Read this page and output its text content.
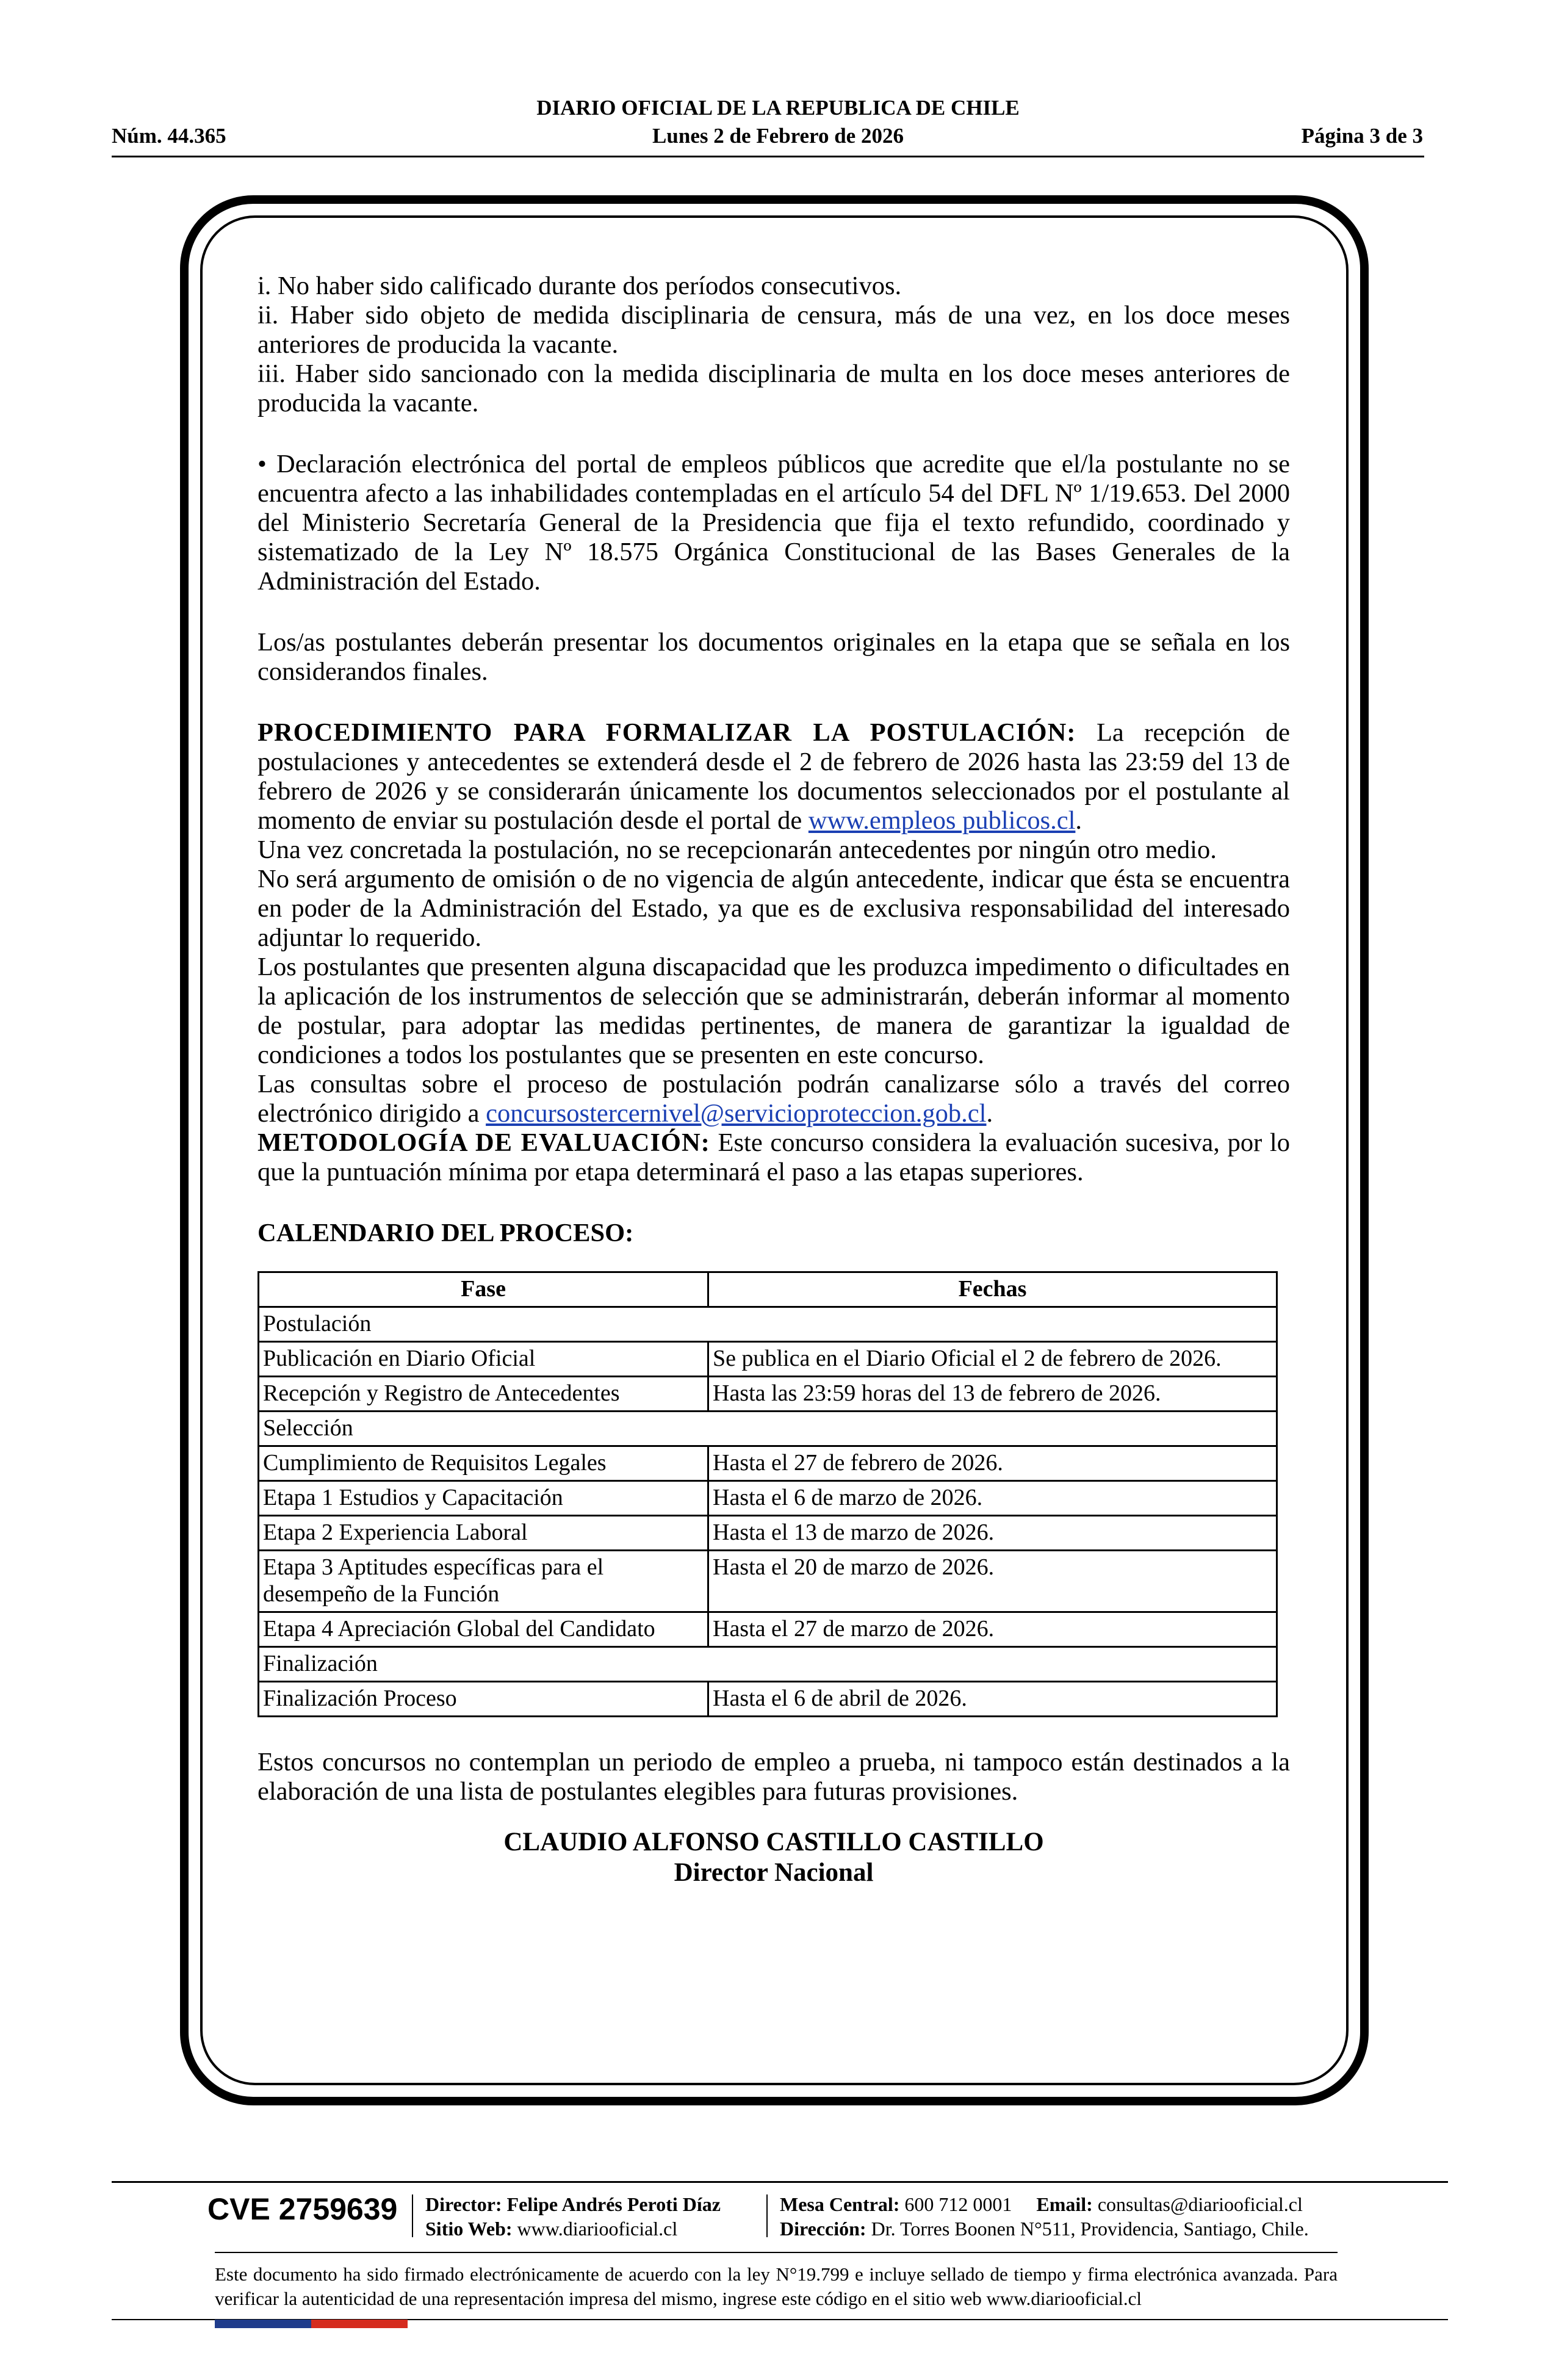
DIARIO OFICIAL DE LA REPUBLICA DE CHILE
Núm. 44.365	Lunes 2 de Febrero de 2026	Página 3 de 3

i. No haber sido calificado durante dos períodos consecutivos.

ii. Haber sido objeto de medida disciplinaria de censura, más de una vez, en los doce meses anteriores de producida la vacante.

iii. Haber sido sancionado con la medida disciplinaria de multa en los doce meses anteriores de producida la vacante.

• Declaración electrónica del portal de empleos públicos que acredite que el/la postulante no se encuentra afecto a las inhabilidades contempladas en el artículo 54 del DFL Nº 1/19.653. Del 2000 del Ministerio Secretaría General de la Presidencia que fija el texto refundido, coordinado y sistematizado de la Ley Nº 18.575 Orgánica Constitucional de las Bases Generales de la Administración del Estado.

Los/as postulantes deberán presentar los documentos originales en la etapa que se señala en los considerandos finales.

PROCEDIMIENTO PARA FORMALIZAR LA POSTULACIÓN: La recepción de postulaciones y antecedentes se extenderá desde el 2 de febrero de 2026 hasta las 23:59 del 13 de febrero de 2026 y se considerarán únicamente los documentos seleccionados por el postulante al momento de enviar su postulación desde el portal de www.empleos publicos.cl.

Una vez concretada la postulación, no se recepcionarán antecedentes por ningún otro medio.

No será argumento de omisión o de no vigencia de algún antecedente, indicar que ésta se encuentra en poder de la Administración del Estado, ya que es de exclusiva responsabilidad del interesado adjuntar lo requerido.

Los postulantes que presenten alguna discapacidad que les produzca impedimento o dificultades en la aplicación de los instrumentos de selección que se administrarán, deberán informar al momento de postular, para adoptar las medidas pertinentes, de manera de garantizar la igualdad de condiciones a todos los postulantes que se presenten en este concurso.

Las consultas sobre el proceso de postulación podrán canalizarse sólo a través del correo electrónico dirigido a concursostercernivel@servicioproteccion.gob.cl.

METODOLOGÍA DE EVALUACIÓN: Este concurso considera la evaluación sucesiva, por lo que la puntuación mínima por etapa determinará el paso a las etapas superiores.

CALENDARIO DEL PROCESO:

Fase	Fechas
Postulación	
Publicación en Diario Oficial	Se publica en el Diario Oficial el 2 de febrero de 2026.
Recepción y Registro de Antecedentes	Hasta las 23:59 horas del 13 de febrero de 2026.
Selección	
Cumplimiento de Requisitos Legales	Hasta el 27 de febrero de 2026.
Etapa 1 Estudios y Capacitación	Hasta el 6 de marzo de 2026.
Etapa 2 Experiencia Laboral	Hasta el 13 de marzo de 2026.
Etapa 3 Aptitudes específicas para el desempeño de la Función	Hasta el 20 de marzo de 2026.
Etapa 4 Apreciación Global del Candidato	Hasta el 27 de marzo de 2026.
Finalización	
Finalización Proceso	Hasta el 6 de abril de 2026.

Estos concursos no contemplan un periodo de empleo a prueba, ni tampoco están destinados a la elaboración de una lista de postulantes elegibles para futuras provisiones.

CLAUDIO ALFONSO CASTILLO CASTILLO
Director Nacional
CVE 2759639 Director: Felipe Andrés Peroti Díaz
Sitio Web: www.diariooficial.cl
Mesa Central: 600 712 0001 Email: consultas@diariooficial.cl
Dirección: Dr. Torres Boonen N°511, Providencia, Santiago, Chile.
Este documento ha sido firmado electrónicamente de acuerdo con la ley N°19.799 e incluye sellado de tiempo y firma electrónica avanzada. Para verificar la autenticidad de una representación impresa del mismo, ingrese este código en el sitio web www.diariooficial.cl
